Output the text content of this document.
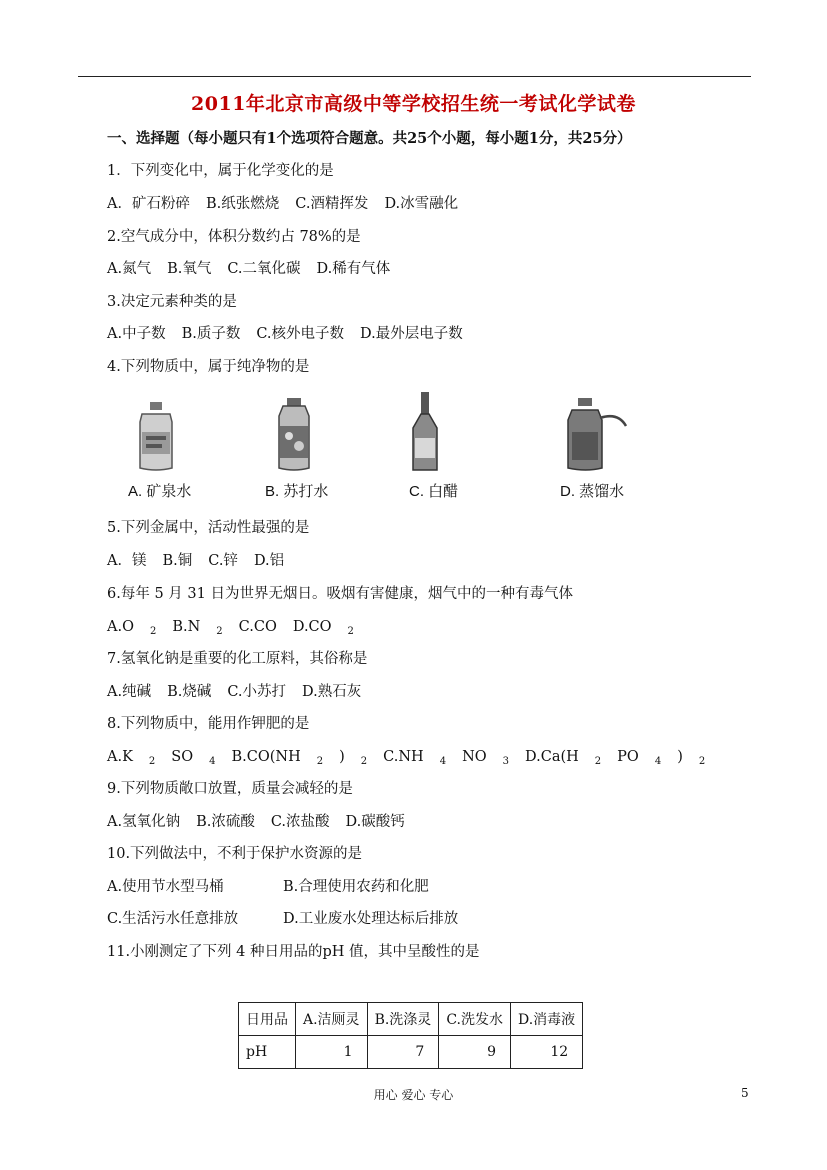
2011年北京市高级中等学校招生统一考试化学试卷
一、选择题（每小题只有1个选项符合题意。共25个小题，每小题1分，共25分）
1．下列变化中，属于化学变化的是
A．矿石粉碎 B.纸张燃烧 C.酒精挥发 D.冰雪融化
2.空气成分中，体积分数约占 78%的是
A.氮气 B.氧气 C.二氧化碳 D.稀有气体
3.决定元素种类的是
A.中子数 B.质子数 C.核外电子数 D.最外层电子数
4.下列物质中，属于纯净物的是
A. 矿泉水	B. 苏打水	C. 白醋	D. 蒸馏水
5.下列金属中，活动性最强的是
A．镁 B.铜 C.锌 D.铝
6.每年 5 月 31 日为世界无烟日。吸烟有害健康，烟气中的一种有毒气体
A.O $_2$ B.N $_2$ C.CO D.CO $_2$
7.氢氧化钠是重要的化工原料，其俗称是
A.纯碱 B.烧碱 C.小苏打 D.熟石灰
8.下列物质中，能用作钾肥的是
A.K $_2$ SO $_4$ B.CO(NH $_2$ ) $_2$ C.NH $_4$ NO $_3$ D.Ca(H $_2$ PO $_4$ ) $_2$
9.下列物质敞口放置，质量会减轻的是
A.氢氧化钠 B.浓硫酸 C.浓盐酸 D.碳酸钙
10.下列做法中，不利于保护水资源的是
A.使用节水型马桶	B.合理使用农药和化肥
C.生活污水任意排放	D.工业废水处理达标后排放
11.小刚测定了下列 4 种日用品的pH 值，其中呈酸性的是
日用品	A.洁厕灵	B.洗涤灵	C.洗发水	D.消毒液
pH	1	7	9	12
用心 爱心 专心	5
